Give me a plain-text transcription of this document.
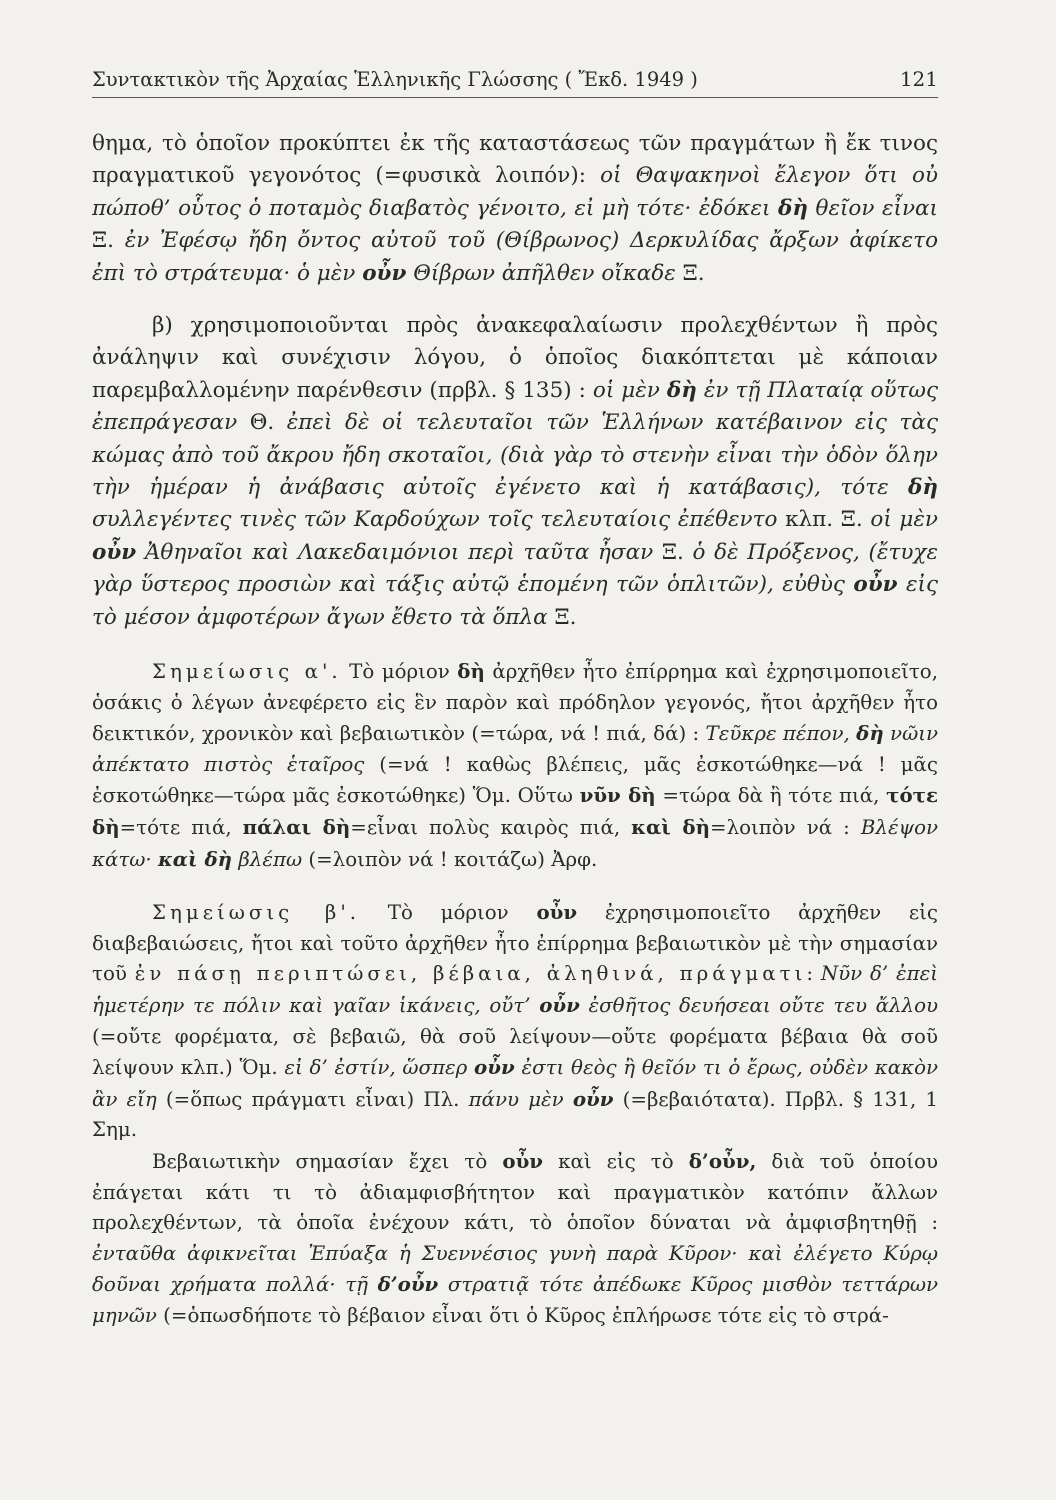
Συντακτικὸν τῆς Ἀρχαίας Ἑλληνικῆς Γλώσσης ( Ἔκδ. 1949 )	121

θημα, τὸ ὁποῖον προκύπτει ἐκ τῆς καταστάσεως τῶν πραγμάτων ἢ ἔκ τινος πραγματικοῦ γεγονότος (=φυσικὰ λοιπόν): οἱ Θαψακηνοὶ ἔλεγον ὅτι οὐ πώποθ’ οὗτος ὁ ποταμὸς διαβατὸς γένοιτο, εἰ μὴ τότε· ἐδόκει δὴ θεῖον εἶναι Ξ. ἐν Ἐφέσῳ ἤδη ὄντος αὐτοῦ τοῦ (Θίβρωνος) Δερκυλίδας ἄρξων ἀφίκετο ἐπὶ τὸ στράτευμα· ὁ μὲν οὖν Θίβρων ἀπῆλθεν οἴκαδε Ξ.

β) χρησιμοποιοῦνται πρὸς ἀνακεφαλαίωσιν προλεχθέντων ἢ πρὸς ἀνάληψιν καὶ συνέχισιν λόγου, ὁ ὁποῖος διακόπτεται μὲ κάποιαν παρεμβαλλομένην παρένθεσιν (πρβλ. § 135) : οἱ μὲν δὴ ἐν τῇ Πλαταίᾳ οὕτως ἐπεπράγεσαν Θ. ἐπεὶ δὲ οἱ τελευταῖοι τῶν Ἑλλήνων κατέβαινον εἰς τὰς κώμας ἀπὸ τοῦ ἄκρου ἤδη σκοταῖοι, (διὰ γὰρ τὸ στενὴν εἶναι τὴν ὁδὸν ὅλην τὴν ἡμέραν ἡ ἀνάβασις αὐτοῖς ἐγένετο καὶ ἡ κατάβασις), τότε δὴ συλλεγέντες τινὲς τῶν Καρδούχων τοῖς τελευταίοις ἐπέθεντο κλπ. Ξ. οἱ μὲν οὖν Ἀθηναῖοι καὶ Λακεδαιμόνιοι περὶ ταῦτα ἦσαν Ξ. ὁ δὲ Πρόξενος, (ἔτυχε γὰρ ὕστερος προσιὼν καὶ τάξις αὐτῷ ἑπομένη τῶν ὁπλιτῶν), εὐθὺς οὖν εἰς τὸ μέσον ἀμφοτέρων ἄγων ἔθετο τὰ ὅπλα Ξ.

Σημείωσις α'. Τὸ μόριον δὴ ἀρχῆθεν ἦτο ἐπίρρημα καὶ ἐχρησιμοποιεῖτο, ὁσάκις ὁ λέγων ἀνεφέρετο εἰς ἓν παρὸν καὶ πρόδηλον γεγονός, ἤτοι ἀρχῆθεν ἦτο δεικτικόν, χρονικὸν καὶ βεβαιωτικὸν (=τώρα, νά ! πιά, δά) : Τεῦκρε πέπον, δὴ νῶιν ἀπέκτατο πιστὸς ἑταῖρος (=νά ! καθὼς βλέπεις, μᾶς ἐσκοτώθηκε—νά ! μᾶς ἐσκοτώθηκε—τώρα μᾶς ἐσκοτώθηκε) Ὅμ. Οὕτω νῦν δὴ =τώρα δὰ ἢ τότε πιά, τότε δὴ=τότε πιά, πάλαι δὴ=εἶναι πολὺς καιρὸς πιά, καὶ δὴ=λοιπὸν νά : Βλέψον κάτω· καὶ δὴ βλέπω (=λοιπὸν νά ! κοιτάζω) Ἀρφ.

Σημείωσις β'. Τὸ μόριον οὖν ἐχρησιμοποιεῖτο ἀρχῆθεν εἰς διαβεβαιώσεις, ἤτοι καὶ τοῦτο ἀρχῆθεν ἦτο ἐπίρρημα βεβαιωτικὸν μὲ τὴν σημασίαν τοῦ ἐν πάσῃ περιπτώσει, βέβαια, ἀληθινά, πράγματι: Νῦν δ’ ἐπεὶ ἡμετέρην τε πόλιν καὶ γαῖαν ἱκάνεις, οὔτ’ οὖν ἐσθῆτος δευήσεαι οὔτε τευ ἄλλου (=οὔτε φορέματα, σὲ βεβαιῶ, θὰ σοῦ λείψουν—οὔτε φορέματα βέβαια θὰ σοῦ λείψουν κλπ.) Ὅμ. εἰ δ’ ἐστίν, ὥσπερ οὖν ἐστι θεὸς ἢ θεῖόν τι ὁ ἔρως, οὐδὲν κακὸν ἂν εἴη (=ὅπως πράγματι εἶναι) Πλ. πάνυ μὲν οὖν (=βεβαιότατα). Πρβλ. § 131, 1 Σημ.

Βεβαιωτικὴν σημασίαν ἔχει τὸ οὖν καὶ εἰς τὸ δ’οὖν, διὰ τοῦ ὁποίου ἐπάγεται κάτι τι τὸ ἀδιαμφισβήτητον καὶ πραγματικὸν κατόπιν ἄλλων προλεχθέντων, τὰ ὁποῖα ἐνέχουν κάτι, τὸ ὁποῖον δύναται νὰ ἀμφισβητηθῇ : ἐνταῦθα ἀφικνεῖται Ἐπύαξα ἡ Συεννέσιος γυνὴ παρὰ Κῦρον· καὶ ἐλέγετο Κύρῳ δοῦναι χρήματα πολλά· τῇ δ’οὖν στρατιᾷ τότε ἀπέδωκε Κῦρος μισθὸν τεττάρων μηνῶν (=ὁπωσδήποτε τὸ βέβαιον εἶναι ὅτι ὁ Κῦρος ἐπλήρωσε τότε εἰς τὸ στρά-
